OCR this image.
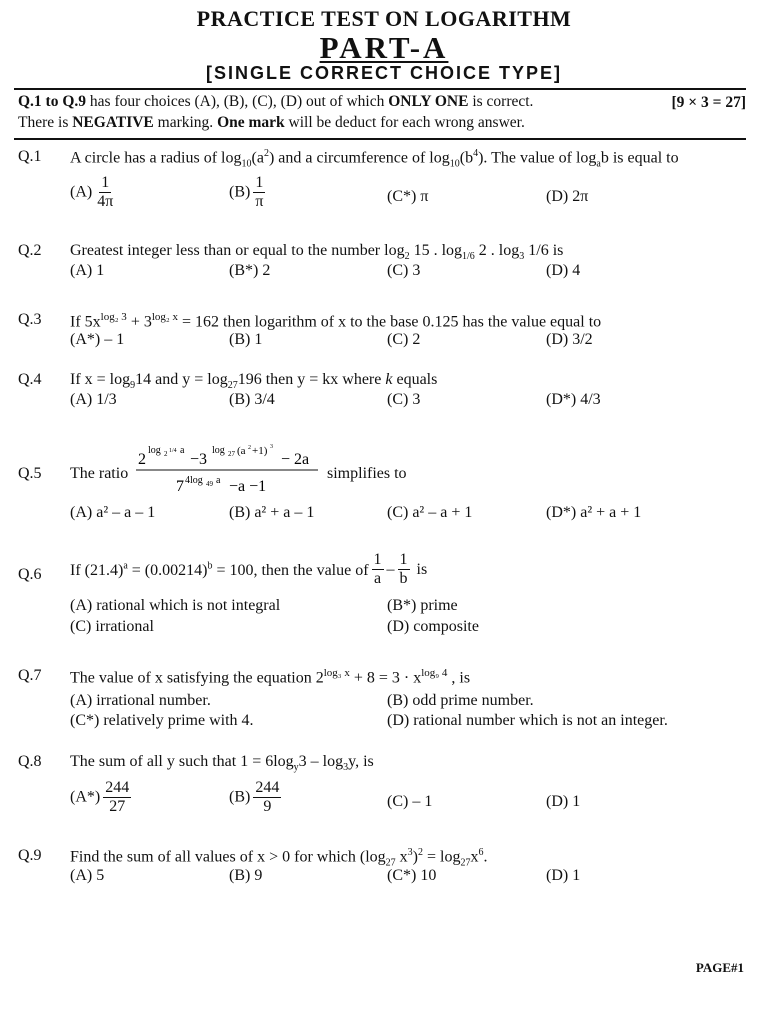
PRACTICE TEST ON LOGARITHM
PART-A
[SINGLE CORRECT CHOICE TYPE]
Q.1 to Q.9 has four choices (A), (B), (C), (D) out of which ONLY ONE is correct.	[9 × 3 = 27]
There is NEGATIVE marking. One mark will be deduct for each wrong answer.
Q.1 A circle has a radius of $\log_{10}(a^2)$ and a circumference of $\log_{10}(b^4)$. The value of $\log_ab$ is equal to
$(A) \frac{1}{4\pi}$	$(B) \frac{1}{\pi}$	(C*) π	(D) 2π
Q.2 Greatest integer less than or equal to the number $\log_2 15$ . $\log_{1/6} 2$ . $\log_3 1/6$ is
(A) 1	(B*) 2	(C) 3	(D) 4
Q.3 If $5x^{log_2 3} + 3^{log_2 x} = 162$ then logarithm of x to the base 0.125 has the value equal to
(A*) – 1	(B) 1	(C) 2	(D) 3/2
Q.4 If $x = \log_914$ and $y = \log_{27}196$ then y = kx where k equals
(A) 1/3	(B) 3/4	(C) 3	(D*) 4/3
Q.5 The ratio
2
log 2 1/4 a
−3
log 27 (a 2 +1) 3
− 2a
7 4log 49 a −a −1
simplifies to
(A) a² – a – 1	(B) a² + a – 1	(C) a² – a + 1	(D*) a² + a + 1
Q.6 If $(21.4)^a = (0.00214)^b = 100$, then the value of $\frac{1}{a} - \frac{1}{b}$ is
(A) rational which is not integral	(B*) prime
(C) irrational	(D) composite
Q.7 The value of x satisfying the equation $2^{log_3 x} + 8 = 3 \cdot x^{log_9 4}$ , is
(A) irrational number.	(B) odd prime number.
(C*) relatively prime with 4.	(D) rational number which is not an integer.
Q.8 The sum of all y such that $1 = 6\log_y3 - \log_3y$, is
$(A*) \frac{244}{27}$	$(B) \frac{244}{9}$	(C) – 1	(D) 1
Q.9 Find the sum of all values of x > 0 for which ($\log_{27}$ $x^3)^2 = \log_{27}x^6$.
(A) 5	(B) 9	(C*) 10	(D) 1
PAGE#1
